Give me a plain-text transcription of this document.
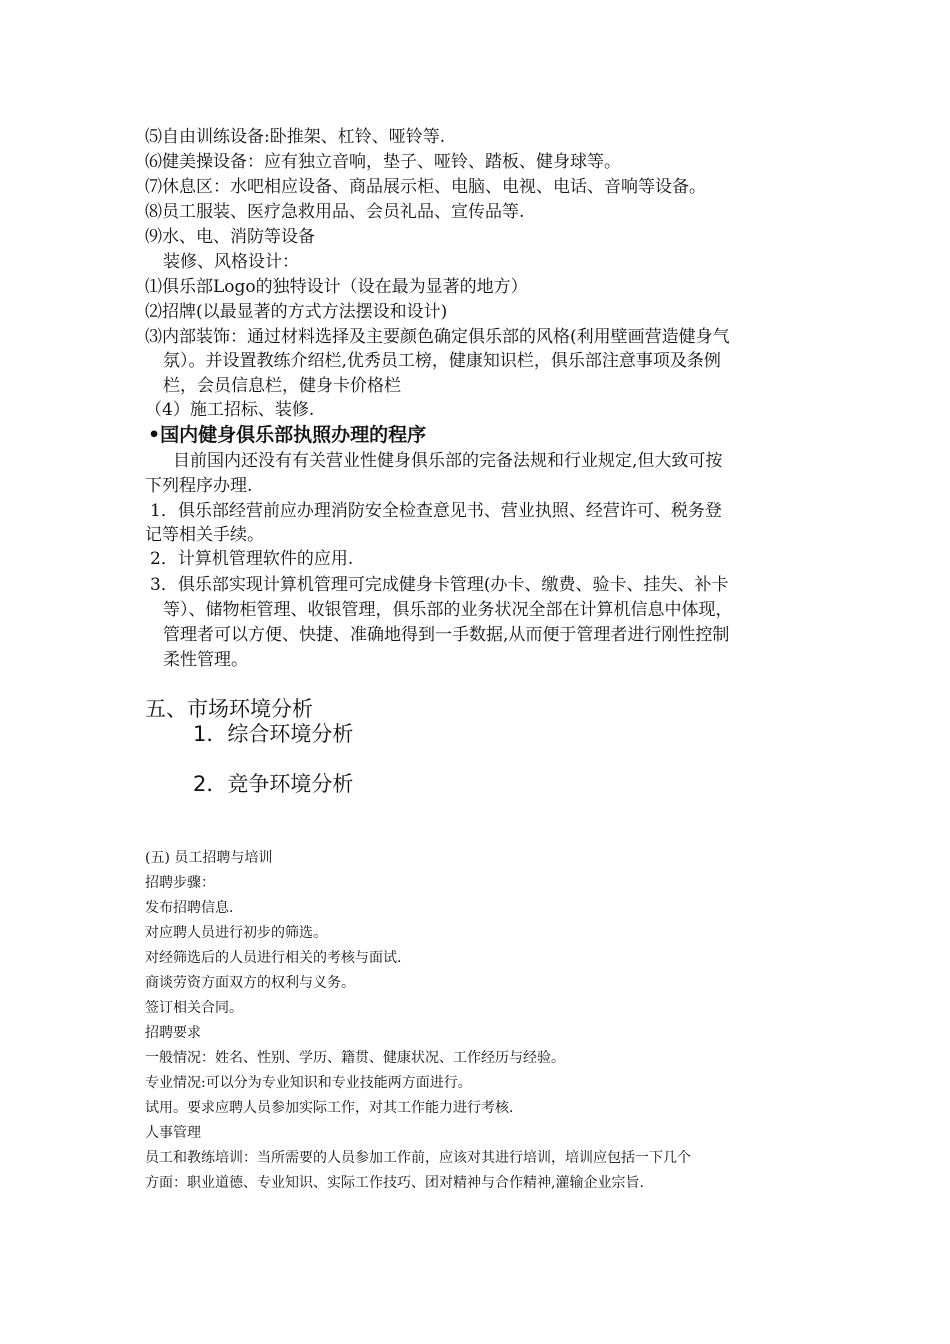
⑸自由训练设备:卧推架、杠铃、哑铃等.
⑹健美操设备：应有独立音响，垫子、哑铃、踏板、健身球等。
⑺休息区：水吧相应设备、商品展示柜、电脑、电视、电话、音响等设备。
⑻员工服装、医疗急救用品、会员礼品、宣传品等.
⑼水、电、消防等设备
装修、风格设计：
⑴俱乐部Logo的独特设计（设在最为显著的地方）
⑵招牌(以最显著的方式方法摆设和设计)
⑶内部装饰：通过材料选择及主要颜色确定俱乐部的风格(利用壁画营造健身气
氛）。并设置教练介绍栏,优秀员工榜，健康知识栏，俱乐部注意事项及条例
栏，会员信息栏，健身卡价格栏
（4）施工招标、装修.
•国内健身俱乐部执照办理的程序
目前国内还没有有关营业性健身俱乐部的完备法规和行业规定,但大致可按
下列程序办理.
1．俱乐部经营前应办理消防安全检查意见书、营业执照、经营许可、税务登
记等相关手续。
2．计算机管理软件的应用.
3．俱乐部实现计算机管理可完成健身卡管理(办卡、缴费、验卡、挂失、补卡
等）、储物柜管理、收银管理，俱乐部的业务状况全部在计算机信息中体现，
管理者可以方便、快捷、准确地得到一手数据,从而便于管理者进行刚性控制
柔性管理。
五、市场环境分析
1．综合环境分析
2．竞争环境分析
(五) 员工招聘与培训
招聘步骤：
发布招聘信息.
对应聘人员进行初步的筛选。
对经筛选后的人员进行相关的考核与面试.
商谈劳资方面双方的权利与义务。
签订相关合同。
招聘要求
一般情况：姓名、性别、学历、籍贯、健康状况、工作经历与经验。
专业情况:可以分为专业知识和专业技能两方面进行。
试用。要求应聘人员参加实际工作，对其工作能力进行考核.
人事管理
员工和教练培训：当所需要的人员参加工作前，应该对其进行培训，培训应包括一下几个
方面：职业道德、专业知识、实际工作技巧、团对精神与合作精神,灌输企业宗旨.
